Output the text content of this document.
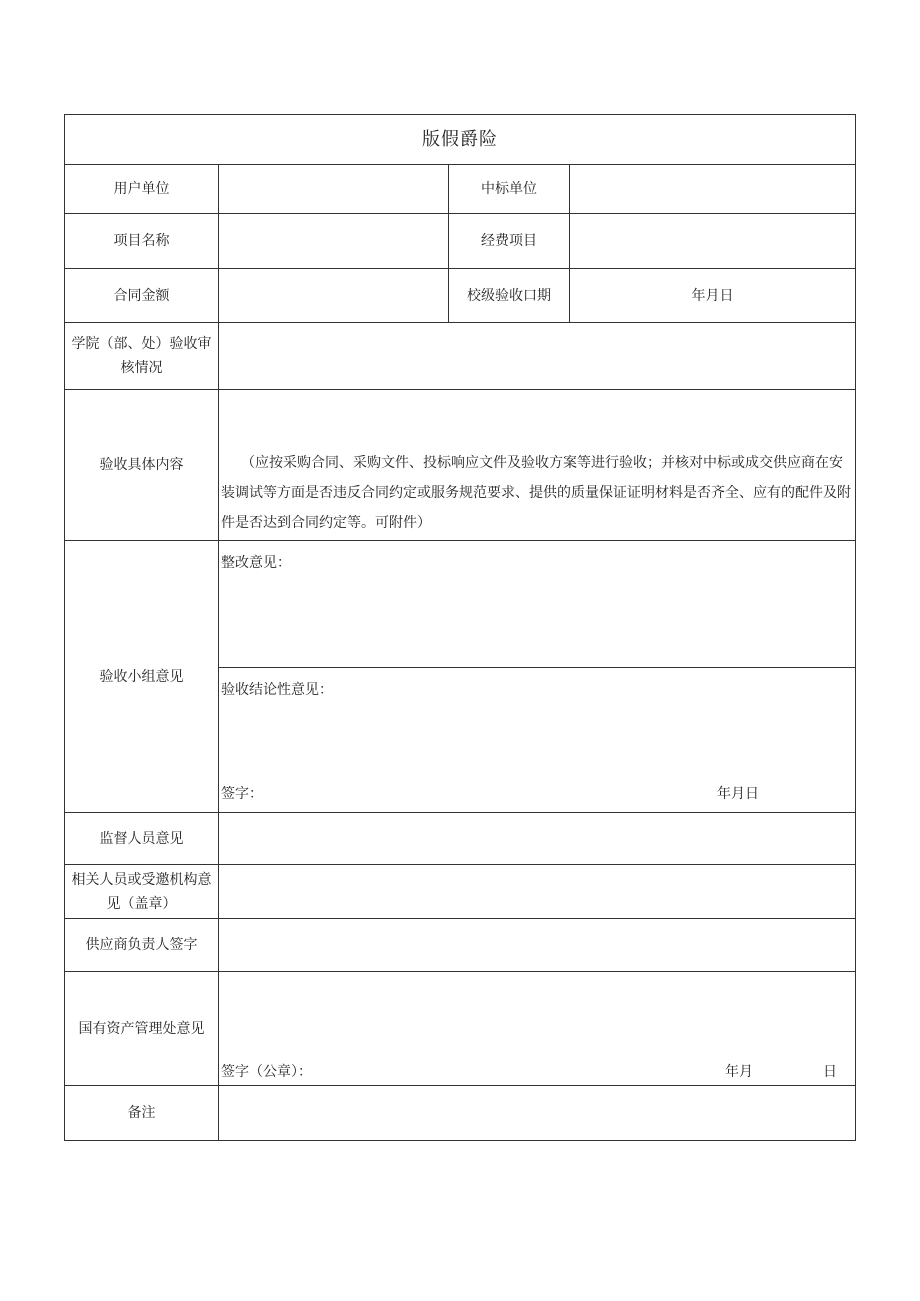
版假爵险			
用户单位		中标单位	
项目名称		经费项目	
合同金额		校级验收口期	年月日
学院（部、处）验收审核情况			
验收具体内容	（应按采购合同、采购文件、投标响应文件及验收方案等进行验收；并核对中标或成交供应商在安装调试等方面是否违反合同约定或服务规范要求、提供的质量保证证明材料是否齐全、应有的配件及附件是否达到合同约定等。可附件）		

验收小组意见	整改意见：		

	验收结论性意见：
签字： 年月日		

监督人员意见			
相关人员或受邀机构意见（盖章）			
供应商负责人签字			
国有资产管理处意见	签字（公章）： 年月 日		

备注			
